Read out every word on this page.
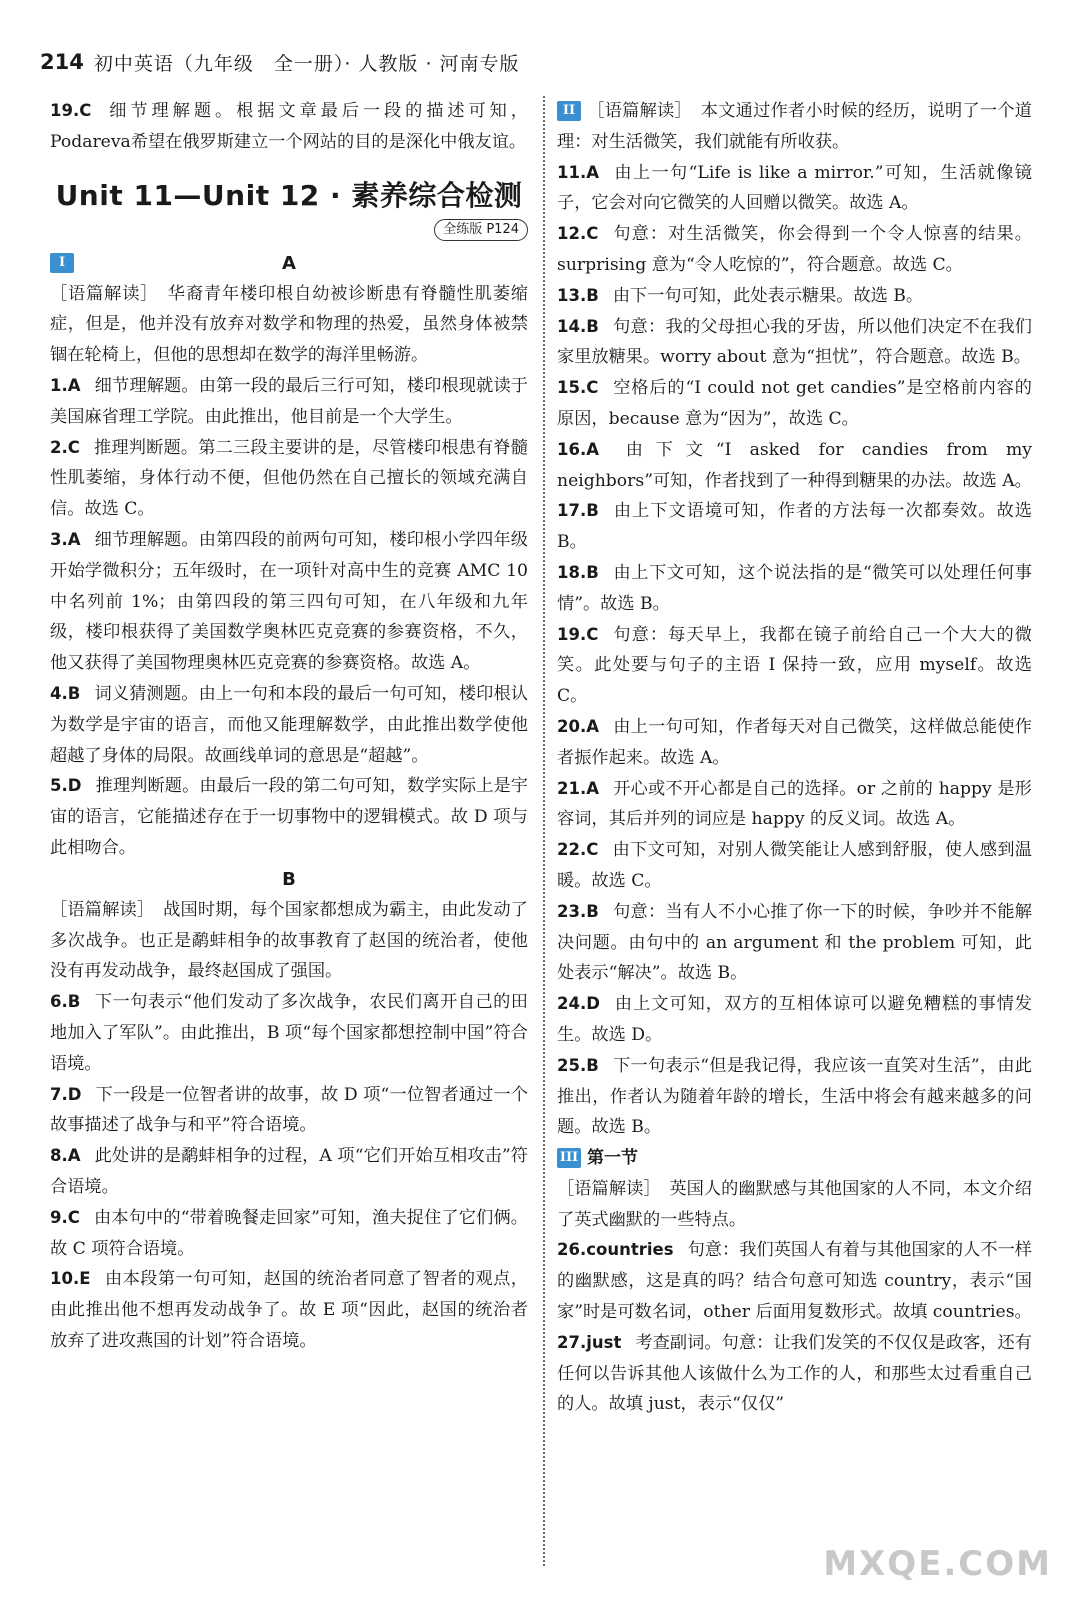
214 初中英语（九年级　全一册）· 人教版 · 河南专版
19.C 细节理解题。根据文章最后一段的描述可知，Podareva希望在俄罗斯建立一个网站的目的是深化中俄友谊。
Unit 11—Unit 12 · 素养综合检测
全练版 P124
I	A
［语篇解读］　华裔青年楼印根自幼被诊断患有脊髓性肌萎缩症，但是，他并没有放弃对数学和物理的热爱，虽然身体被禁锢在轮椅上，但他的思想却在数学的海洋里畅游。
1.A 细节理解题。由第一段的最后三行可知，楼印根现就读于美国麻省理工学院。由此推出，他目前是一个大学生。
2.C 推理判断题。第二三段主要讲的是，尽管楼印根患有脊髓性肌萎缩，身体行动不便，但他仍然在自己擅长的领域充满自信。故选 C。
3.A 细节理解题。由第四段的前两句可知，楼印根小学四年级开始学微积分；五年级时，在一项针对高中生的竞赛 AMC 10 中名列前 1%；由第四段的第三四句可知，在八年级和九年级，楼印根获得了美国数学奥林匹克竞赛的参赛资格，不久，他又获得了美国物理奥林匹克竞赛的参赛资格。故选 A。
4.B 词义猜测题。由上一句和本段的最后一句可知，楼印根认为数学是宇宙的语言，而他又能理解数学，由此推出数学使他超越了身体的局限。故画线单词的意思是“超越”。
5.D 推理判断题。由最后一段的第二句可知，数学实际上是宇宙的语言，它能描述存在于一切事物中的逻辑模式。故 D 项与此相吻合。
B
［语篇解读］　战国时期，每个国家都想成为霸主，由此发动了多次战争。也正是鹬蚌相争的故事教育了赵国的统治者，使他没有再发动战争，最终赵国成了强国。
6.B 下一句表示“他们发动了多次战争，农民们离开自己的田地加入了军队”。由此推出，B 项“每个国家都想控制中国”符合语境。
7.D 下一段是一位智者讲的故事，故 D 项“一位智者通过一个故事描述了战争与和平”符合语境。
8.A 此处讲的是鹬蚌相争的过程，A 项“它们开始互相攻击”符合语境。
9.C 由本句中的“带着晚餐走回家”可知，渔夫捉住了它们俩。故 C 项符合语境。
10.E 由本段第一句可知，赵国的统治者同意了智者的观点，由此推出他不想再发动战争了。故 E 项“因此，赵国的统治者放弃了进攻燕国的计划”符合语境。
II ［语篇解读］　本文通过作者小时候的经历，说明了一个道理：对生活微笑，我们就能有所收获。
11.A 由上一句“Life is like a mirror.”可知，生活就像镜子，它会对向它微笑的人回赠以微笑。故选 A。
12.C 句意：对生活微笑，你会得到一个令人惊喜的结果。surprising 意为“令人吃惊的”，符合题意。故选 C。
13.B 由下一句可知，此处表示糖果。故选 B。
14.B 句意：我的父母担心我的牙齿，所以他们决定不在我们家里放糖果。worry about 意为“担忧”，符合题意。故选 B。
15.C 空格后的“I could not get candies”是空格前内容的原因，because 意为“因为”，故选 C。
16.A 由下文“I asked for candies from my neighbors”可知，作者找到了一种得到糖果的办法。故选 A。
17.B 由上下文语境可知，作者的方法每一次都奏效。故选 B。
18.B 由上下文可知，这个说法指的是“微笑可以处理任何事情”。故选 B。
19.C 句意：每天早上，我都在镜子前给自己一个大大的微笑。此处要与句子的主语 I 保持一致，应用 myself。故选 C。
20.A 由上一句可知，作者每天对自己微笑，这样做总能使作者振作起来。故选 A。
21.A 开心或不开心都是自己的选择。or 之前的 happy 是形容词，其后并列的词应是 happy 的反义词。故选 A。
22.C 由下文可知，对别人微笑能让人感到舒服，使人感到温暖。故选 C。
23.B 句意：当有人不小心推了你一下的时候，争吵并不能解决问题。由句中的 an argument 和 the problem 可知，此处表示“解决”。故选 B。
24.D 由上文可知，双方的互相体谅可以避免糟糕的事情发生。故选 D。
25.B 下一句表示“但是我记得，我应该一直笑对生活”，由此推出，作者认为随着年龄的增长，生活中将会有越来越多的问题。故选 B。
III 第一节
［语篇解读］　英国人的幽默感与其他国家的人不同，本文介绍了英式幽默的一些特点。
26.countries 句意：我们英国人有着与其他国家的人不一样的幽默感，这是真的吗？结合句意可知选 country，表示“国家”时是可数名词，other 后面用复数形式。故填 countries。
27.just 考查副词。句意：让我们发笑的不仅仅是政客，还有任何以告诉其他人该做什么为工作的人，和那些太过看重自己的人。故填 just，表示“仅仅”
MXQE.COM
